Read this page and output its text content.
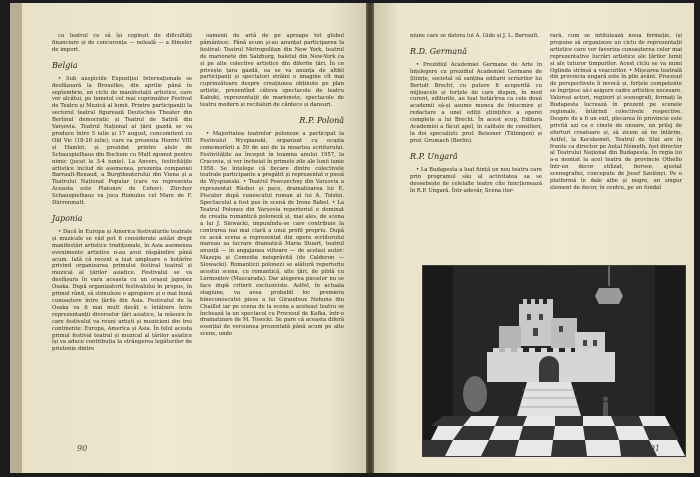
ca teatrul ce să își copleșit de dificultăți financiare și de concurența — nelealâ — a filmelor de import.

Belgia

• Sub auspiciile Expoziției Internaționale se desfășoară la Bruxelles, din aprilie până în septembrie, un ciclu de manifestații artistice, care vor alcătui, pe temeiul cel mai cuprinzător Festival de Teatru și Muzică al lumii. Printre participanții la sectorul teatral figurează Deutsches Theater din Berlinul democratic și Teatrul de Satiră din Varșovia. Teatrul Național al țării gazdă se va produce între 5 iulie și 17 august, concomitent cu Old Vic (18-20 iulie), care va prezenta Henric VIII și Hamlet, și prezidat printre alele de Schauspielhaus din Bochum cu Mult zgomot pentru nimic (jucat la 3-4 iunie). La Anvers, festivitățile artistice includ de asemenea, prezența companiei Barrault-Renaud, a Burgtheaterului din Viena și a Teatrului Național Popular (care va reprezenta Aceasta este Platonov de Cehov). Zürcher Schauspielhaus va juca Romulus cel Mare de F. Dürrenmatt.

Japonia

• Dacă în Europa și America festivalurile teatrale și muzicale se văd pot fi considerate astăzi drept manifestări artistice tradiționale, în Asia asemenea evenimente artistice n-au avut răspândire până acum. Iată că recent a luat amploare o hotărîre privind organizarea primului festival teatral și muzical al țărilor asiatice. Festivalul se va desfășura în vara aceasta cu un orașul japonez Osaka. După organizatorii festivalului în propus, în primul rând, să stimuleze o apropiere și o mai bună cunoaștere între țările din Asia. Festivalul de la Osaka va fi mai mult decât o întâlnire între reprezentanții diverselor țări asiatice, la măsura în care festivalul va reuni artiști și muzicieni din trei continente: Europa, America și Asia. În felul acesta primul festival teatral și muzical al țărilor asiatice își va aduce contribuția la strângerea legăturilor de prietenie dintre

oamenii de artă de pe aproape tot globul pământesc. Până acum și-au anunțat participarea la festival: Teatrul Metropolitan din New York, teatrul de marionete din Salzburg, baletul din New-York ca și pe alte colective artistice din diferite țări. În ce privește țara gazdă, ea se va anunța de altfel participanți și spectatori străini o imagine cît mai cuprinzătoare despre creațiunea obținute pe plan artistic, prezentînd câteva spectacole de teatru Kabuki, reprezentații de marionete, spectacole de teatru modern și recitaluri de cântece și dansuri.

R.P. Polonă

• Majoritatea teatrelor poloneze a participat la Festivalul Wyspianski, organizat cu ocazia comemorării a 50 de ani de la moartea scriitorului. Festivitățile au început în toamna anului 1957, la Cracovia, și vor încheiat în primele zile ale lunii iunie 1958. Se înțelege că fiecare dintre colectivele teatrale participante a pregătit și reprezentat o piesă de Wyspianski. • Teatrul Powszechny din Varșovia a reprezentat Răsboi și pace, dramatizarea lui E. Piscator după cunoscutul roman al lui A. Tolstoi. Spectacolul a fost pus în scenă de Irene Babel. • La Teatrul Polonez din Varșovia repertoriul e dominat de creația romantică poloneză și, mai ales, de scena a lui J. Slowacki, impunîndu-se care contribuie la contrarea nai mai clară a unui profil propriu. După ce aceă scena a reprezentat din opera scriitorului mareau sa lucrare dramatică Maria Stuart, teatrul anunță — în angajanea viitoare — de acelasi autor: Mazepa și Comedia neisprăvită (de Calderon — Slowacki). Romanticii polonezi se alătură repertoriu acestui scena, cu romantică, alte țări, de pildă cu Lermontov (Mascarada). Dar alegerea pieselor nu se face după criterii exclusiviste. Astfel, în actuala stagiune, va avea probabil loc premiera binecunoscutei piese a lui Giraudoux Nebuna din Chaillot iar pe scena de la scena a aceleași teatru se închează la un spectacol cu Procesul de Kafka, într-o dramatizare de M. Tosecki. Se pare că aceasta diferă esențial de versiunea prezentată până acum pe alte scene, unde

90

niune care se datora lui A. Gide și J. L. Barrault.

R.D. Germană

• Prezidiul Academiei Germane de Arte în înțelegere cu prezidiul Academiei Germane de Științe, societal să sanțina editarii scrierilor lui Bertolt Brecht, cu putere fi acoperită cu mijloacele și forțele de care dispun, în mod curent, editurile, au luat hotărîrea ca cele două academii să-și asume munca de întocmire și redactare a unei ediții științifice a operei complete a lui Brecht. În acest scop, Editura Academiei a făcut apel, în calitate de consilieri, la doi specialiști: prof. Beissner (Tübingen) și prof. Grumach (Berlin).

R.P. Ungară

• La Budapesta a luat ființă un nou teatru care prin programul său al activitatea sa se deosebește de celelalte teatre cîte funcționează în R.P. Ungară. Într-adevăr, Scena iter-

rară, cum se intitulează noua formație, își propune să organizeze un ciclu de reprezentații artistice care vor favoriza cunoașterea celor mai reprezentative lucrări artistice ale țărilor lumii și ale tuturor timpurilor. Acest ciclu se va numi Oglinda strînsă a veacurilor. • Mișcarea teatrală din provincia ungară este în plin avânt. Procesul de perspectivele îi invocă și, forțele competente se îngrijesc să-i asigure cadre artistice necesare. Valoroși actori, regizori și scenografi, formați la Budapesta lucrează în prezent pe scenele regionale, întărind colectivele respective. Despre de a fi un exil, plecarea în provincie este privită azi ca o cinste de onoare, un prilej de eforturi creatoare și, să zicem să ne întărim. Astfel, la Kecskemét, Teatrul de Stat are în frunte ca director pe Antal Németh, fost director al Teatrului Național din Budapesta. În regia lui a-a montat la acel teatru de provincie Othello într-un decor stilizat, fiorose, ajustat scenografiei, concepute de Josef Szelényi. Pe o platformă în dale albe și negre, un singur element de decor, în centru, pe un fundal

91
